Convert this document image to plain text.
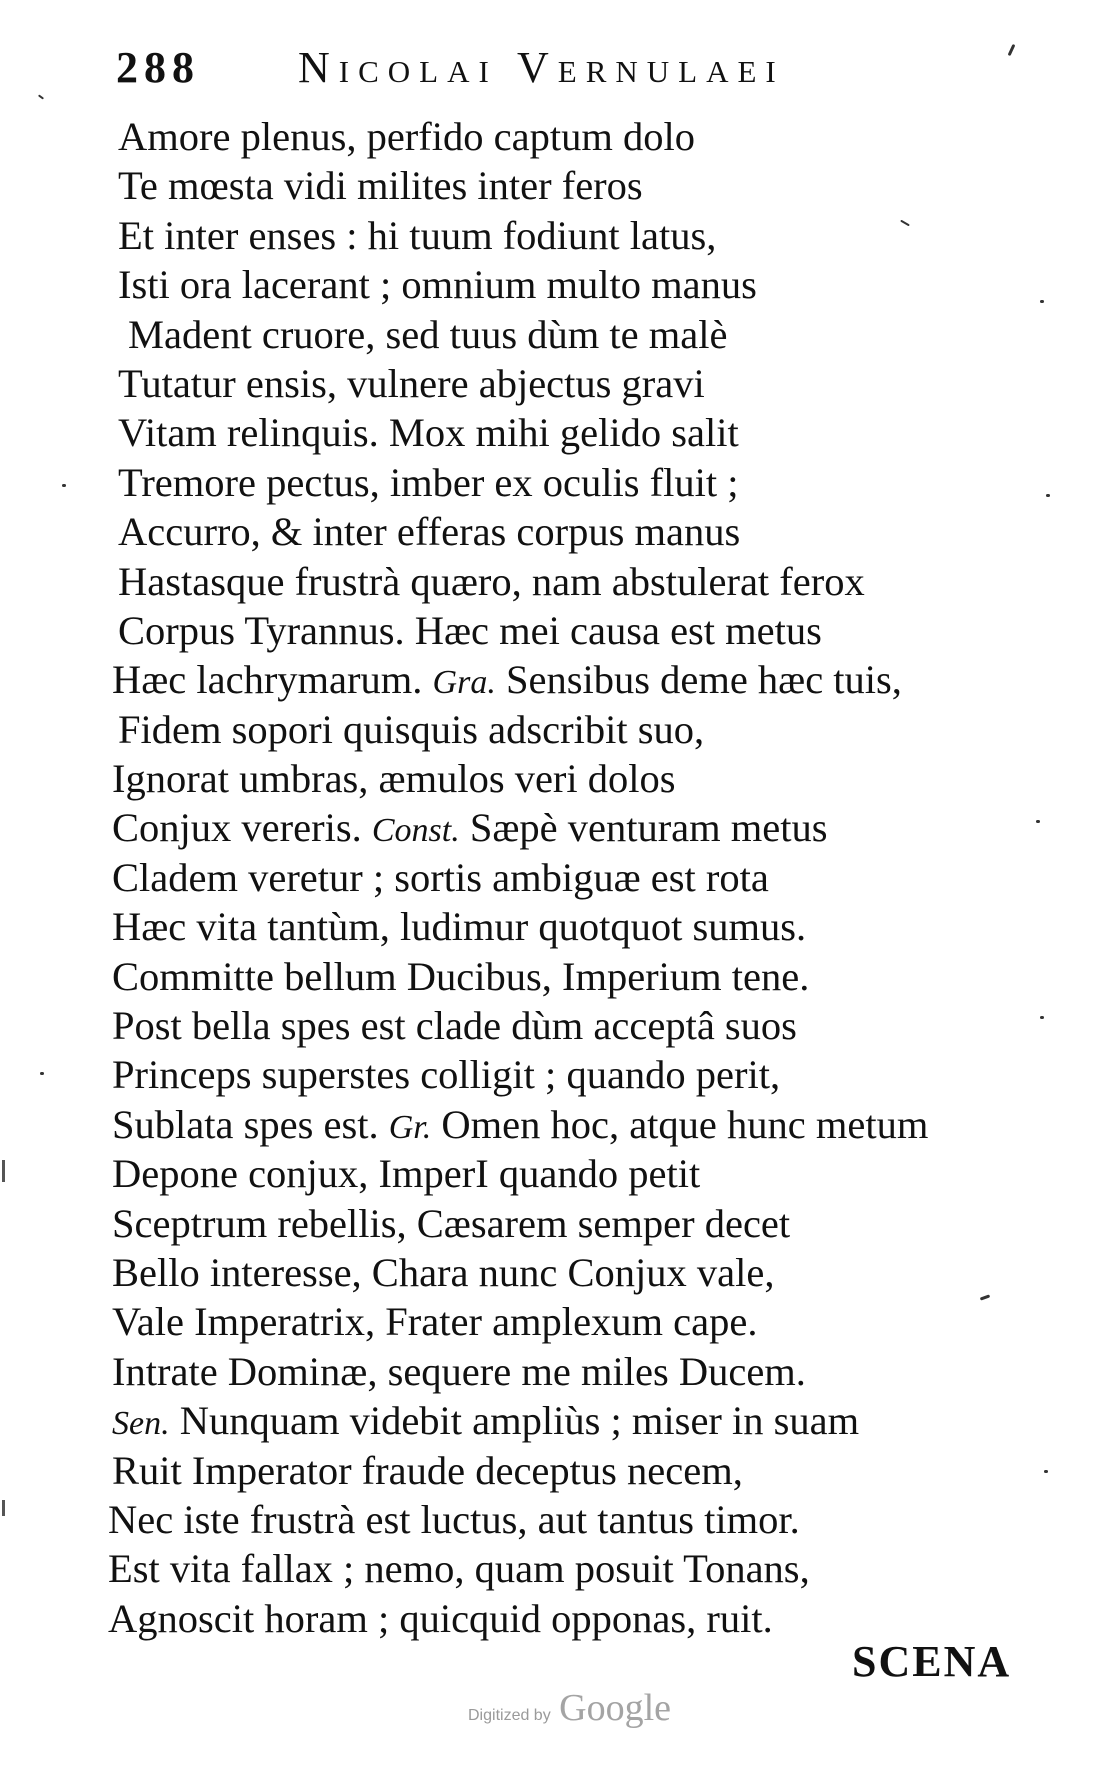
288 Nicolai Vernulaei
Amore plenus, perfido captum dolo
Te mœsta vidi milites inter feros
Et inter enses : hi tuum fodiunt latus,
Isti ora lacerant ; omnium multo manus
Madent cruore, sed tuus dùm te malè
Tutatur ensis, vulnere abjectus gravi
Vitam relinquis. Mox mihi gelido salit
Tremore pectus, imber ex oculis fluit ;
Accurro, & inter efferas corpus manus
Hastasque frustrà quæro, nam abstulerat ferox
Corpus Tyrannus. Hæc mei causa est metus
Hæc lachrymarum. Gra. Sensibus deme hæc tuis,
Fidem sopori quisquis adscribit suo,
Ignorat umbras, æmulos veri dolos
Conjux vereris. Const. Sæpè venturam metus
Cladem veretur ; sortis ambiguæ est rota
Hæc vita tantùm, ludimur quotquot sumus.
Committe bellum Ducibus, Imperium tene.
Post bella spes est clade dùm acceptâ suos
Princeps superstes colligit ; quando perit,
Sublata spes est. Gr. Omen hoc, atque hunc metum
Depone conjux, ImperI quando petit
Sceptrum rebellis, Cæsarem semper decet
Bello interesse, Chara nunc Conjux vale,
Vale Imperatrix, Frater amplexum cape.
Intrate Dominæ, sequere me miles Ducem.
Sen. Nunquam videbit ampliùs ; miser in suam
Ruit Imperator fraude deceptus necem,
Nec iste frustrà est luctus, aut tantus timor.
Est vita fallax ; nemo, quam posuit Tonans,
Agnoscit horam ; quicquid opponas, ruit.
SCENA
Digitized by Google
